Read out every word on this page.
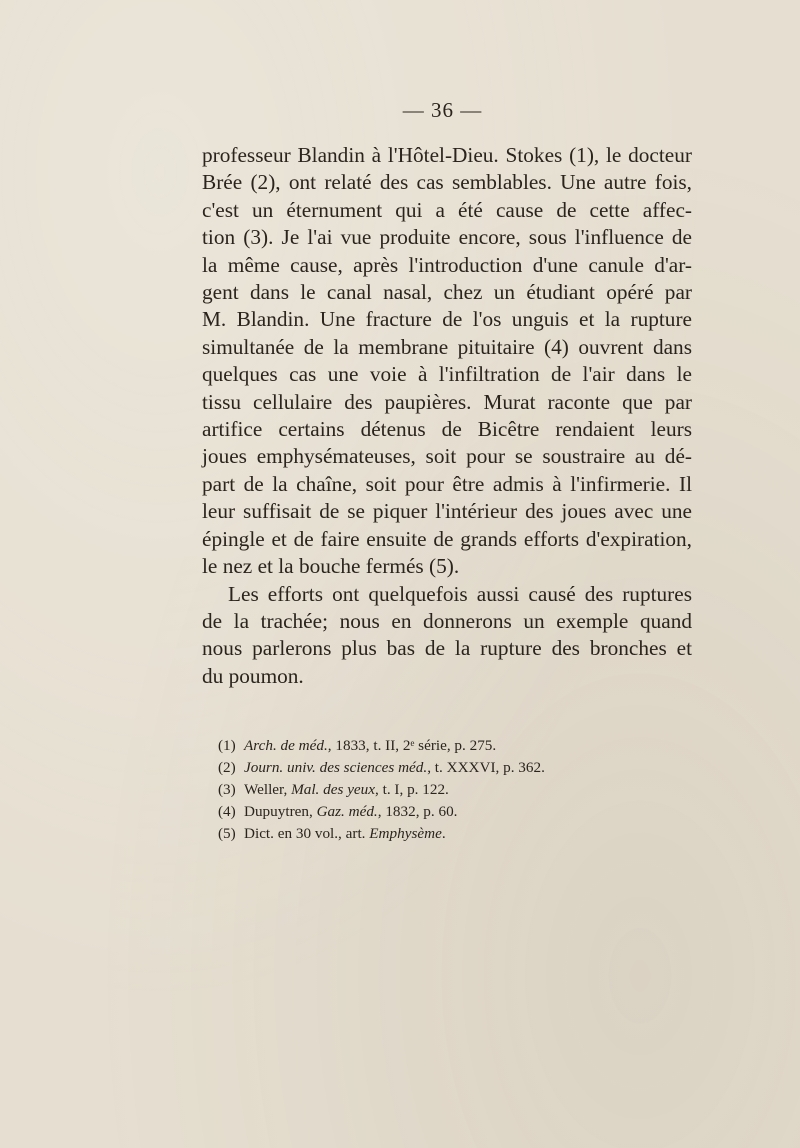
— 36 —
professeur Blandin à l'Hôtel-Dieu. Stokes (1), le docteur
Brée (2), ont relaté des cas semblables. Une autre fois,
c'est un éternument qui a été cause de cette affec-
tion (3). Je l'ai vue produite encore, sous l'influence de
la même cause, après l'introduction d'une canule d'ar-
gent dans le canal nasal, chez un étudiant opéré par
M. Blandin. Une fracture de l'os unguis et la rupture
simultanée de la membrane pituitaire (4) ouvrent dans
quelques cas une voie à l'infiltration de l'air dans le
tissu cellulaire des paupières. Murat raconte que par
artifice certains détenus de Bicêtre rendaient leurs
joues emphysémateuses, soit pour se soustraire au dé-
part de la chaîne, soit pour être admis à l'infirmerie. Il
leur suffisait de se piquer l'intérieur des joues avec une
épingle et de faire ensuite de grands efforts d'expiration,
le nez et la bouche fermés (5).
Les efforts ont quelquefois aussi causé des ruptures
de la trachée; nous en donnerons un exemple quand
nous parlerons plus bas de la rupture des bronches et
du poumon.
(1) Arch. de méd., 1833, t. II, 2ᵉ série, p. 275.
(2) Journ. univ. des sciences méd., t. XXXVI, p. 362.
(3) Weller, Mal. des yeux, t. I, p. 122.
(4) Dupuytren, Gaz. méd., 1832, p. 60.
(5) Dict. en 30 vol., art. Emphysème.
